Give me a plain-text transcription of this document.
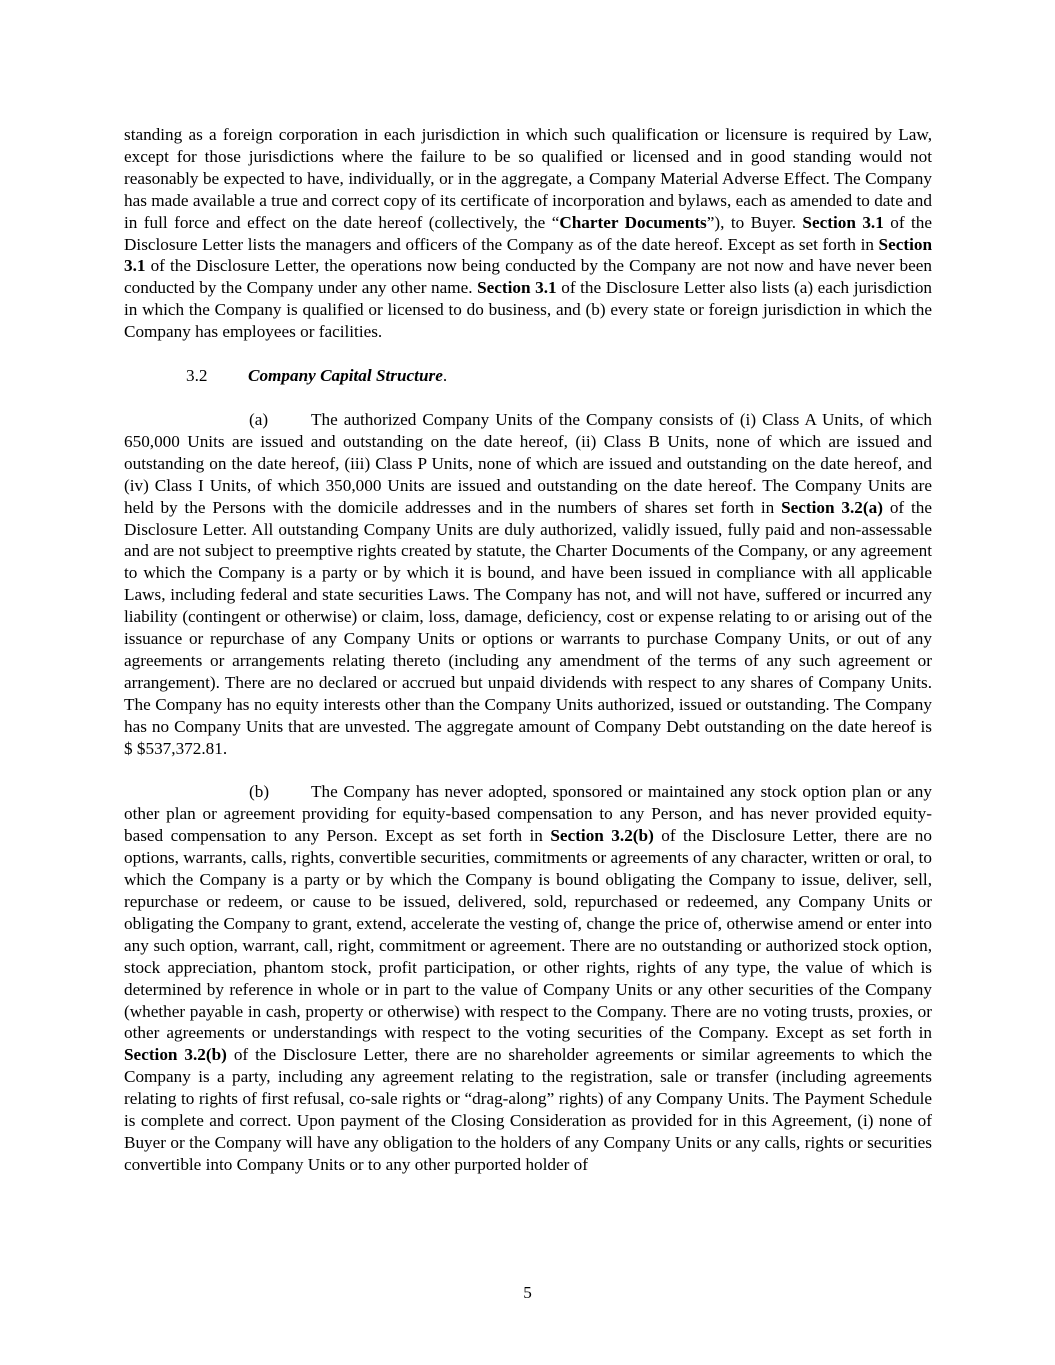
standing as a foreign corporation in each jurisdiction in which such qualification or licensure is required by Law, except for those jurisdictions where the failure to be so qualified or licensed and in good standing would not reasonably be expected to have, individually, or in the aggregate, a Company Material Adverse Effect. The Company has made available a true and correct copy of its certificate of incorporation and bylaws, each as amended to date and in full force and effect on the date hereof (collectively, the “Charter Documents”), to Buyer. Section 3.1 of the Disclosure Letter lists the managers and officers of the Company as of the date hereof. Except as set forth in Section 3.1 of the Disclosure Letter, the operations now being conducted by the Company are not now and have never been conducted by the Company under any other name. Section 3.1 of the Disclosure Letter also lists (a) each jurisdiction in which the Company is qualified or licensed to do business, and (b) every state or foreign jurisdiction in which the Company has employees or facilities.

3.2 Company Capital Structure.

(a) The authorized Company Units of the Company consists of (i) Class A Units, of which 650,000 Units are issued and outstanding on the date hereof, (ii) Class B Units, none of which are issued and outstanding on the date hereof, (iii) Class P Units, none of which are issued and outstanding on the date hereof, and (iv) Class I Units, of which 350,000 Units are issued and outstanding on the date hereof. The Company Units are held by the Persons with the domicile addresses and in the numbers of shares set forth in Section 3.2(a) of the Disclosure Letter. All outstanding Company Units are duly authorized, validly issued, fully paid and non-assessable and are not subject to preemptive rights created by statute, the Charter Documents of the Company, or any agreement to which the Company is a party or by which it is bound, and have been issued in compliance with all applicable Laws, including federal and state securities Laws. The Company has not, and will not have, suffered or incurred any liability (contingent or otherwise) or claim, loss, damage, deficiency, cost or expense relating to or arising out of the issuance or repurchase of any Company Units or options or warrants to purchase Company Units, or out of any agreements or arrangements relating thereto (including any amendment of the terms of any such agreement or arrangement). There are no declared or accrued but unpaid dividends with respect to any shares of Company Units. The Company has no equity interests other than the Company Units authorized, issued or outstanding. The Company has no Company Units that are unvested. The aggregate amount of Company Debt outstanding on the date hereof is $ $537,372.81.

(b) The Company has never adopted, sponsored or maintained any stock option plan or any other plan or agreement providing for equity-based compensation to any Person, and has never provided equity-based compensation to any Person. Except as set forth in Section 3.2(b) of the Disclosure Letter, there are no options, warrants, calls, rights, convertible securities, commitments or agreements of any character, written or oral, to which the Company is a party or by which the Company is bound obligating the Company to issue, deliver, sell, repurchase or redeem, or cause to be issued, delivered, sold, repurchased or redeemed, any Company Units or obligating the Company to grant, extend, accelerate the vesting of, change the price of, otherwise amend or enter into any such option, warrant, call, right, commitment or agreement. There are no outstanding or authorized stock option, stock appreciation, phantom stock, profit participation, or other rights, rights of any type, the value of which is determined by reference in whole or in part to the value of Company Units or any other securities of the Company (whether payable in cash, property or otherwise) with respect to the Company. There are no voting trusts, proxies, or other agreements or understandings with respect to the voting securities of the Company. Except as set forth in Section 3.2(b) of the Disclosure Letter, there are no shareholder agreements or similar agreements to which the Company is a party, including any agreement relating to the registration, sale or transfer (including agreements relating to rights of first refusal, co-sale rights or “drag-along” rights) of any Company Units. The Payment Schedule is complete and correct. Upon payment of the Closing Consideration as provided for in this Agreement, (i) none of Buyer or the Company will have any obligation to the holders of any Company Units or any calls, rights or securities convertible into Company Units or to any other purported holder of

5
